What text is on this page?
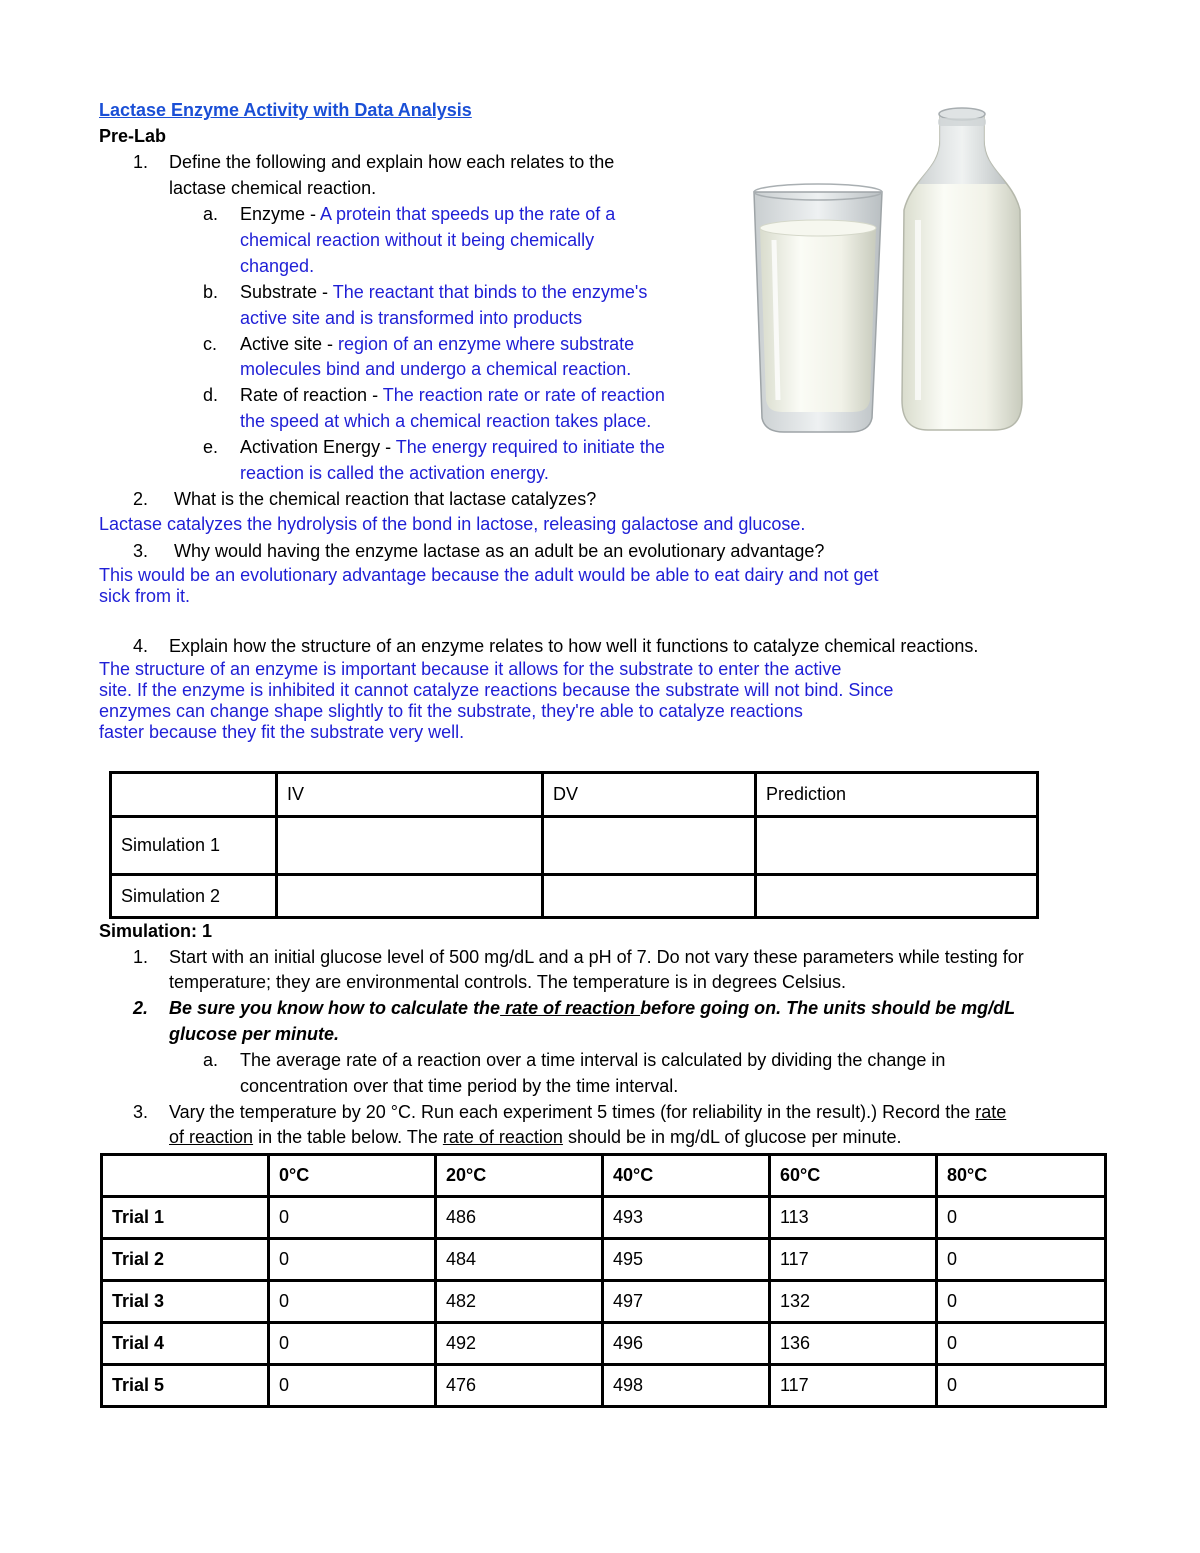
Lactase Enzyme Activity with Data Analysis
Pre-Lab
1. Define the following and explain how each relates to the
lactase chemical reaction.
a. Enzyme - A protein that speeds up the rate of a
chemical reaction without it being chemically
changed.
b. Substrate - The reactant that binds to the enzyme's
active site and is transformed into products
c. Active site - region of an enzyme where substrate
molecules bind and undergo a chemical reaction.
d. Rate of reaction - The reaction rate or rate of reaction
the speed at which a chemical reaction takes place.
e. Activation Energy - The energy required to initiate the
reaction is called the activation energy.
2. What is the chemical reaction that lactase catalyzes?
Lactase catalyzes the hydrolysis of the bond in lactose, releasing galactose and glucose.
3. Why would having the enzyme lactase as an adult be an evolutionary advantage?
This would be an evolutionary advantage because the adult would be able to eat dairy and not get
sick from it.
4. Explain how the structure of an enzyme relates to how well it functions to catalyze chemical reactions.
The structure of an enzyme is important because it allows for the substrate to enter the active
site. If the enzyme is inhibited it cannot catalyze reactions because the substrate will not bind. Since
enzymes can change shape slightly to fit the substrate, they're able to catalyze reactions
faster because they fit the substrate very well.
	IV	DV	Prediction
Simulation 1			
Simulation 2			
Simulation: 1
1. Start with an initial glucose level of 500 mg/dL and a pH of 7. Do not vary these parameters while testing for
temperature; they are environmental controls. The temperature is in degrees Celsius.
2. Be sure you know how to calculate the rate of reaction before going on. The units should be mg/dL
glucose per minute.
a. The average rate of a reaction over a time interval is calculated by dividing the change in
concentration over that time period by the time interval.
3. Vary the temperature by 20 °C. Run each experiment 5 times (for reliability in the result).) Record the rate
of reaction in the table below. The rate of reaction should be in mg/dL of glucose per minute.
	0°C	20°C	40°C	60°C	80°C
Trial 1	0	486	493	113	0
Trial 2	0	484	495	117	0
Trial 3	0	482	497	132	0
Trial 4	0	492	496	136	0
Trial 5	0	476	498	117	0
